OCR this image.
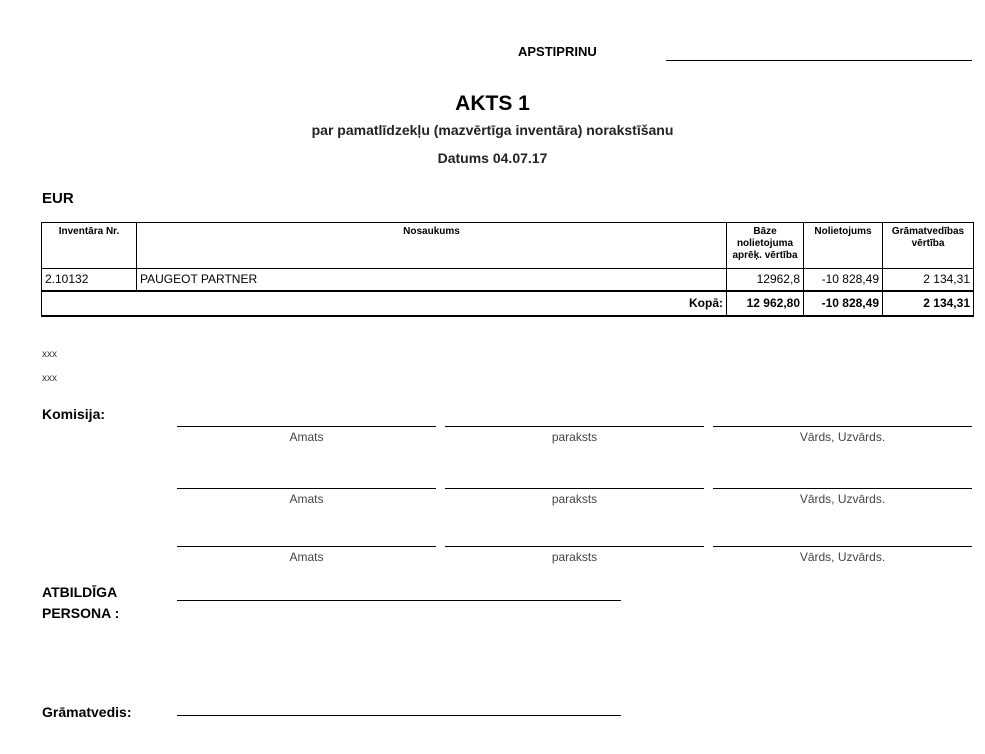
APSTIPRINU
AKTS 1
par pamatlīdzekļu (mazvērtīga inventāra) norakstīšanu
Datums 04.07.17
EUR
Inventāra Nr.	Nosaukums	Bāze nolietojuma aprēķ. vērtība	Nolietojums	Grāmatvedības vērtība
2.10132	PAUGEOT PARTNER	12962,8	-10 828,49	2 134,31
Kopā:		12 962,80	-10 828,49	2 134,31
xxx
xxx
Komisija:
Amats	paraksts	Vārds, Uzvārds.
Amats	paraksts	Vārds, Uzvārds.
Amats	paraksts	Vārds, Uzvārds.
ATBILDĪGA
PERSONA :
Grāmatvedis:
